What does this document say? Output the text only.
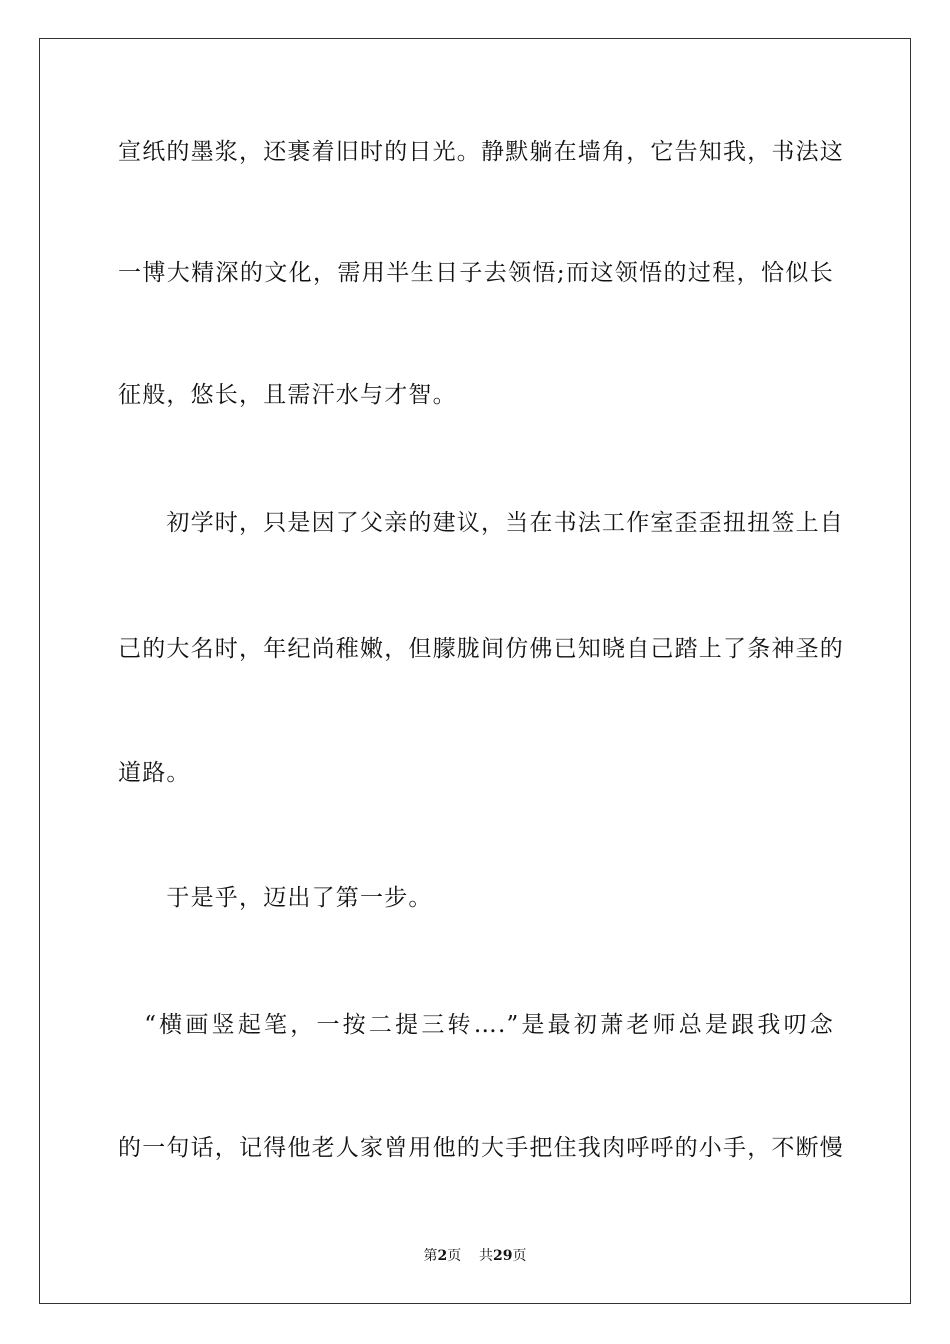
宣纸的墨浆，还裹着旧时的日光。静默躺在墙角，它告知我，书法这
一博大精深的文化，需用半生日子去领悟;而这领悟的过程，恰似长
征般，悠长，且需汗水与才智。
　　初学时，只是因了父亲的建议，当在书法工作室歪歪扭扭签上自
己的大名时，年纪尚稚嫩，但朦胧间仿佛已知晓自己踏上了条神圣的
道路。
　　于是乎，迈出了第一步。
　“横画竖起笔，一按二提三转….”是最初萧老师总是跟我叨念
的一句话，记得他老人家曾用他的大手把住我肉呼呼的小手，不断慢
第2页 共29页
